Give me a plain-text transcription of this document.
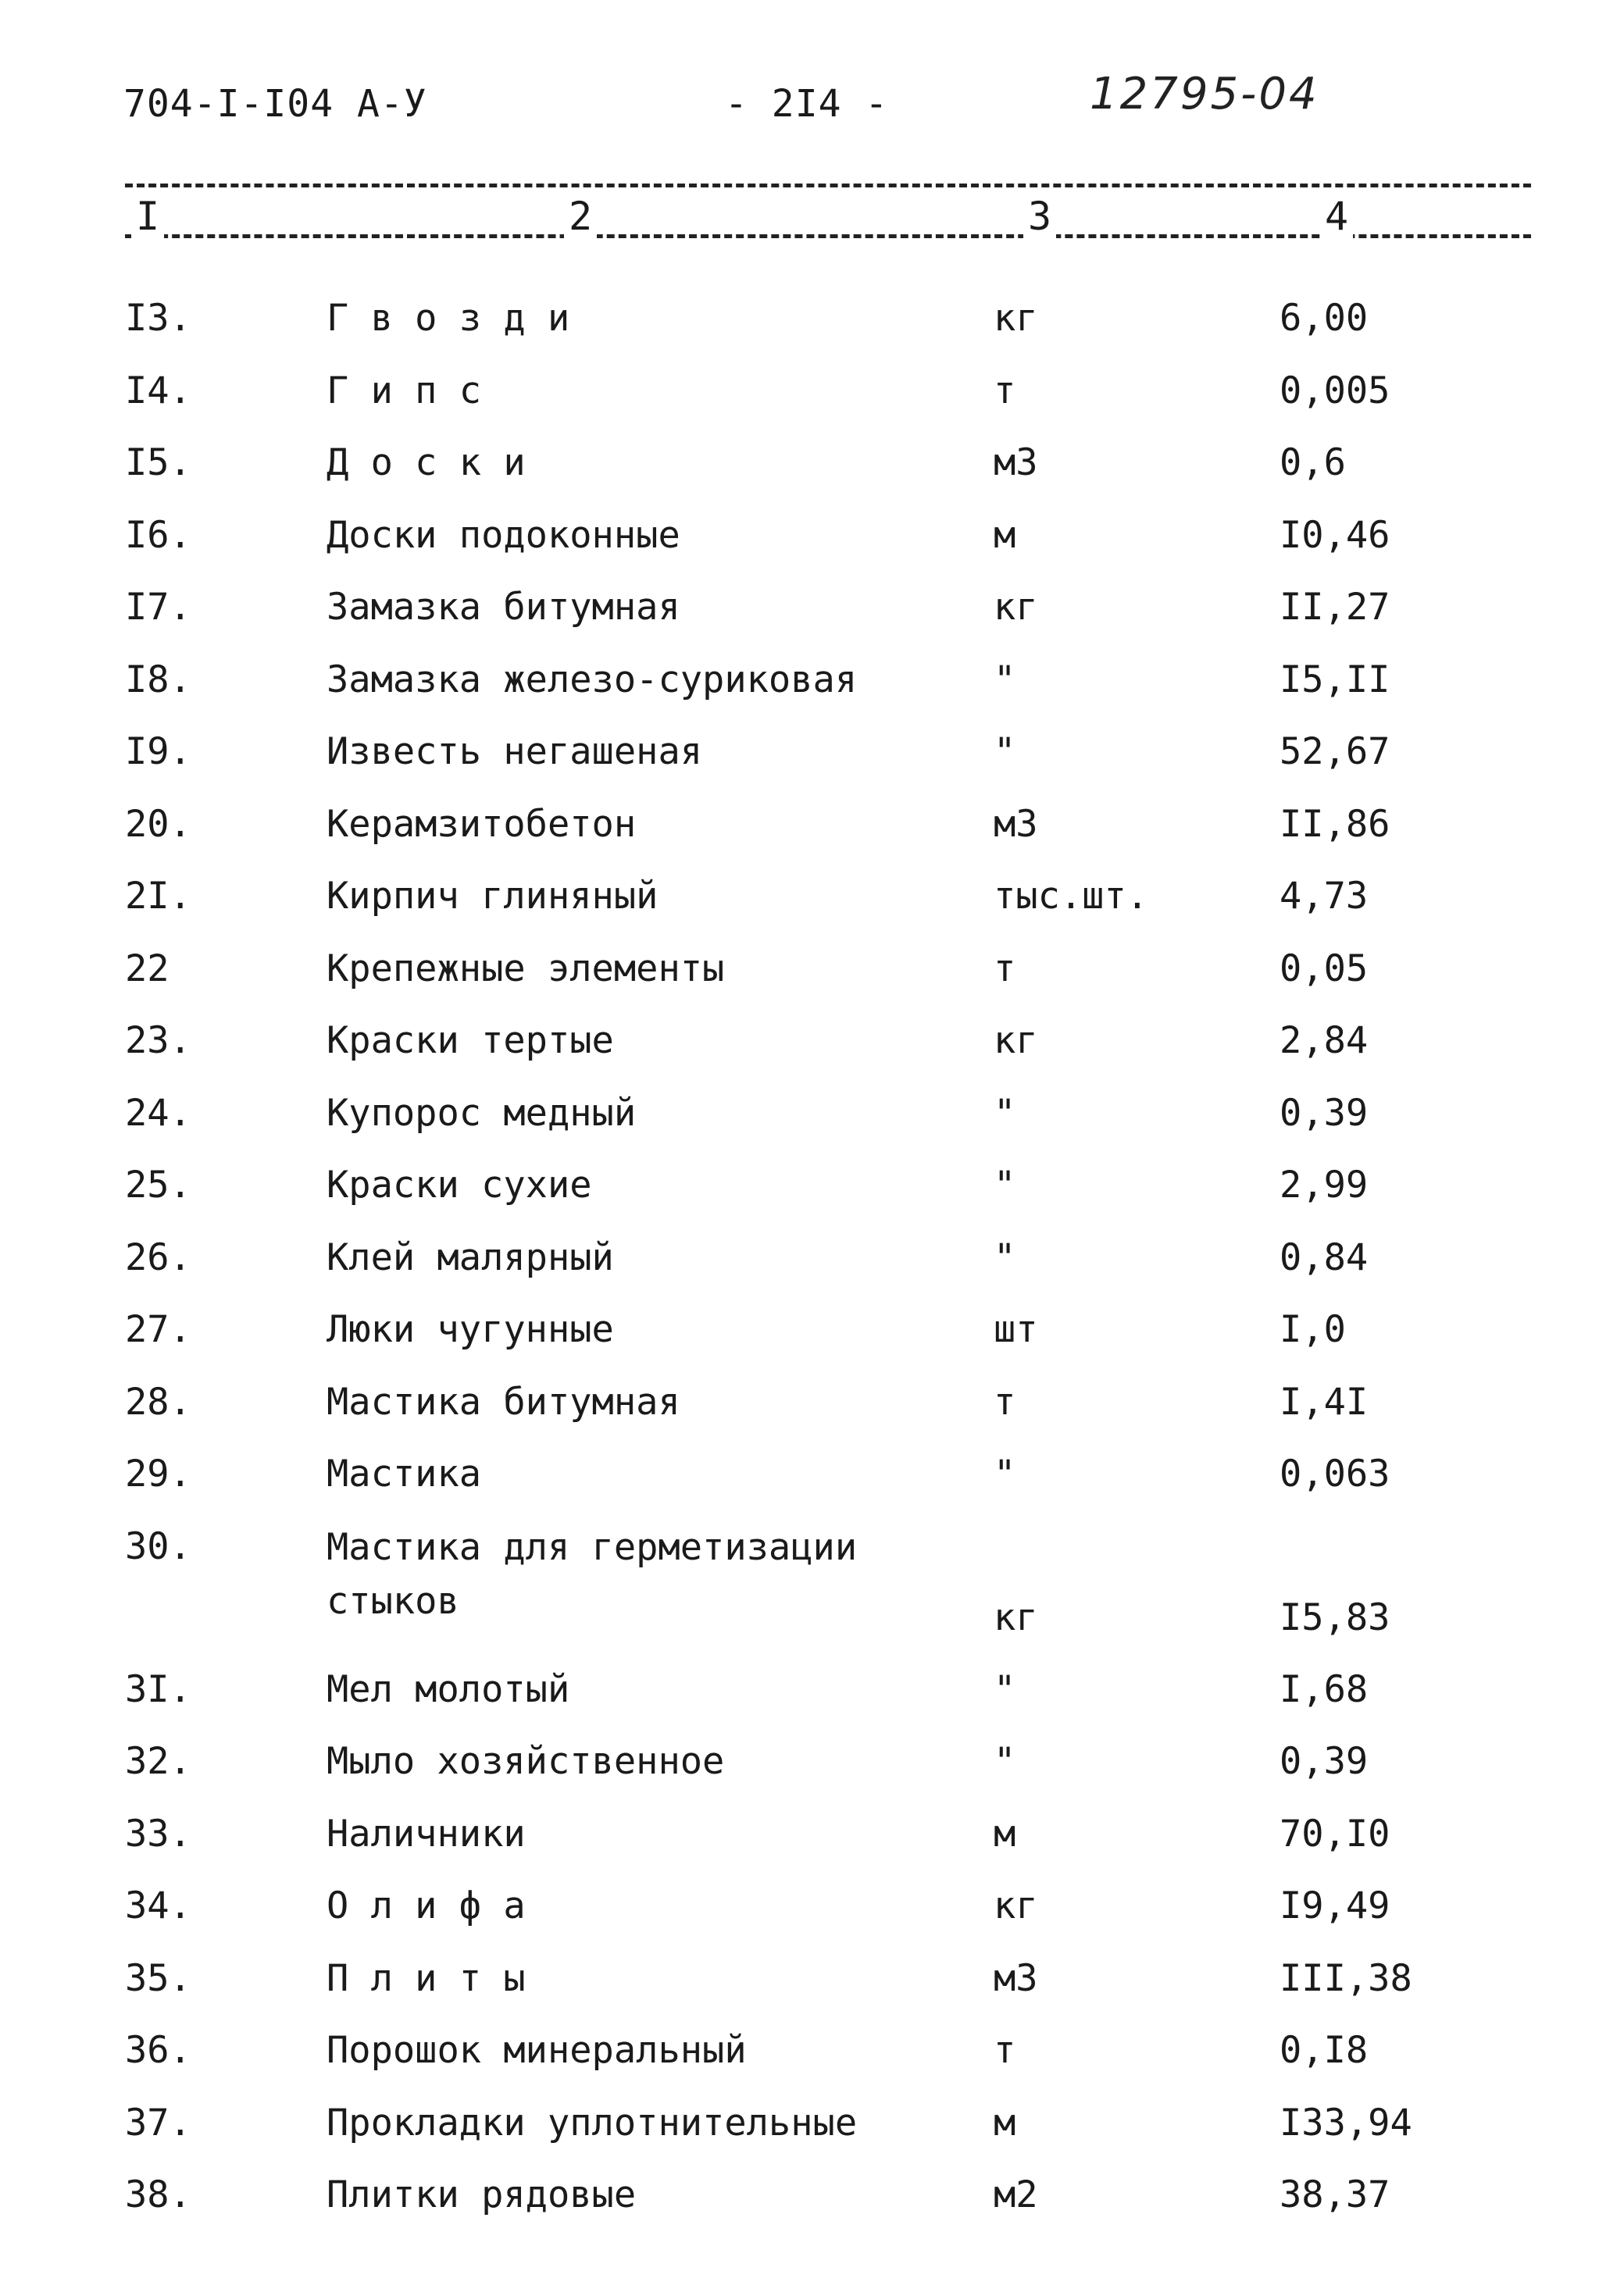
704-I-I04 А-У	- 2I4 -	12795-04
I	2	3	4
I3.	Г в о з д и	кг	6,00
I4.	Г и п с	т	0,005
I5.	Д о с к и	м3	0,6
I6.	Доски подоконные	м	I0,46
I7.	Замазка битумная	кг	II,27
I8.	Замазка железо-суриковая	"	I5,II
I9.	Известь негашеная	"	52,67
20.	Керамзитобетон	м3	II,86
2I.	Кирпич глиняный	тыс.шт.	4,73
22	Крепежные элементы	т	0,05
23.	Краски тертые	кг	2,84
24.	Купорос медный	"	0,39
25.	Краски сухие	"	2,99
26.	Клей малярный	"	0,84
27.	Люки чугунные	шт	I,0
28.	Мастика битумная	т	I,4I
29.	Мастика	"	0,063
30.	Мастика для герметизации
стыков	кг	I5,83
3I.	Мел молотый	"	I,68
32.	Мыло хозяйственное	"	0,39
33.	Наличники	м	70,I0
34.	О л и ф а	кг	I9,49
35.	П л и т ы	м3	III,38
36.	Порошок минеральный	т	0,I8
37.	Прокладки уплотнительные	м	I33,94
38.	Плитки рядовые	м2	38,37
